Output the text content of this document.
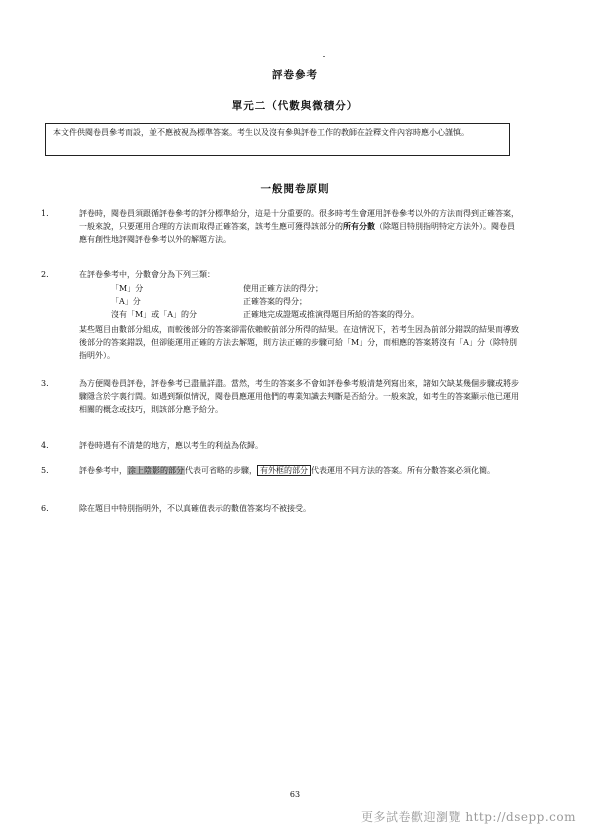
評卷參考
單元二（代數與微積分）
本文件供閱卷員參考而設，並不應被視為標準答案。考生以及沒有參與評卷工作的教師在詮釋文件內容時應小心謹慎。
一般閱卷原則
1.	評卷時，閱卷員須跟循評卷參考的評分標準給分，這是十分重要的。很多時考生會運用評卷參考以外的方法而得到正確答案，一般來說，只要運用合理的方法而取得正確答案，該考生應可獲得該部分的所有分數（除題目特別指明特定方法外）。閱卷員應有創性地評閱評卷參考以外的解題方法。

2.	在評卷參考中，分數會分為下列三類：

「M」分	使用正確方法的得分；
「A」分	正確答案的得分；
沒有「M」或「A」的分	正確地完成證題或推演得題目所給的答案的得分。

某些題目由數部分組成，而較後部分的答案卻需依賴較前部分所得的結果。在這情況下，若考生因為前部分錯誤的結果而導致後部分的答案錯誤，但卻能運用正確的方法去解題，則方法正確的步驟可給「M」分，而相應的答案將沒有「A」分（除特別指明外）。

3.	為方便閱卷員評卷，評卷參考已盡量詳盡。當然，考生的答案多不會如評卷參考般清楚列寫出來，諸如欠缺某幾個步驟或將步驟隱含於字裏行間。如遇到類似情況，閱卷員應運用他們的專業知識去判斷是否給分。一般來說，如考生的答案顯示他已運用相關的概念或技巧，則該部分應予給分。

4.	評卷時遇有不清楚的地方，應以考生的利益為依歸。

5.	評卷參考中，涂上陰影的部分代表可省略的步驟， 有外框的部分 代表運用不同方法的答案。所有分數答案必須化簡。

6.	除在題目中特別指明外，不以真確值表示的數值答案均不被接受。

63
更多試卷歡迎瀏覽 http://dsepp.com
